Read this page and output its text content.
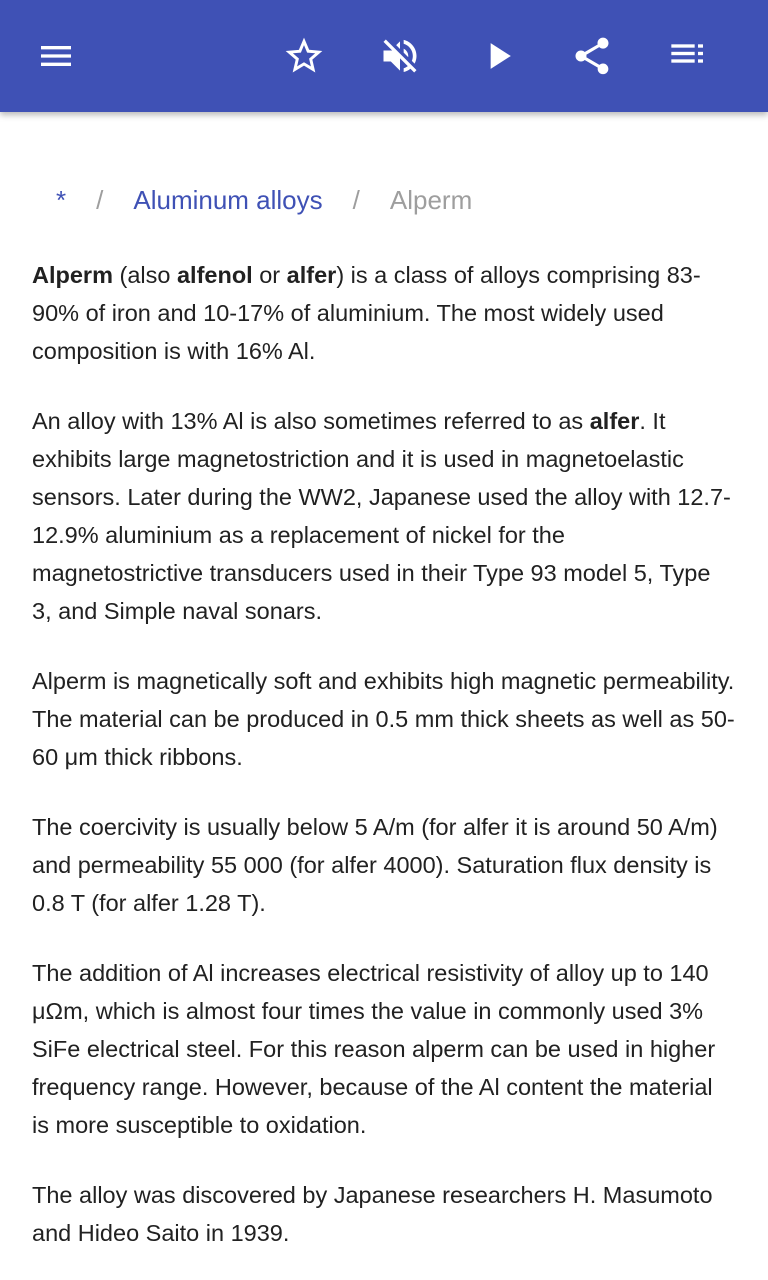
* / Aluminum alloys / Alperm

Alperm (also alfenol or alfer) is a class of alloys comprising 83-90% of iron and 10-17% of aluminium. The most widely used composition is with 16% Al.

An alloy with 13% Al is also sometimes referred to as alfer. It exhibits large magnetostriction and it is used in magnetoelastic sensors. Later during the WW2, Japanese used the alloy with 12.7-12.9% aluminium as a replacement of nickel for the magnetostrictive transducers used in their Type 93 model 5, Type 3, and Simple naval sonars.

Alperm is magnetically soft and exhibits high magnetic permeability. The material can be produced in 0.5 mm thick sheets as well as 50-60 μm thick ribbons.

The coercivity is usually below 5 A/m (for alfer it is around 50 A/m) and permeability 55 000 (for alfer 4000). Saturation flux density is 0.8 T (for alfer 1.28 T).

The addition of Al increases electrical resistivity of alloy up to 140 μΩm, which is almost four times the value in commonly used 3% SiFe electrical steel. For this reason alperm can be used in higher frequency range. However, because of the Al content the material is more susceptible to oxidation.

The alloy was discovered by Japanese researchers H. Masumoto and Hideo Saito in 1939.
